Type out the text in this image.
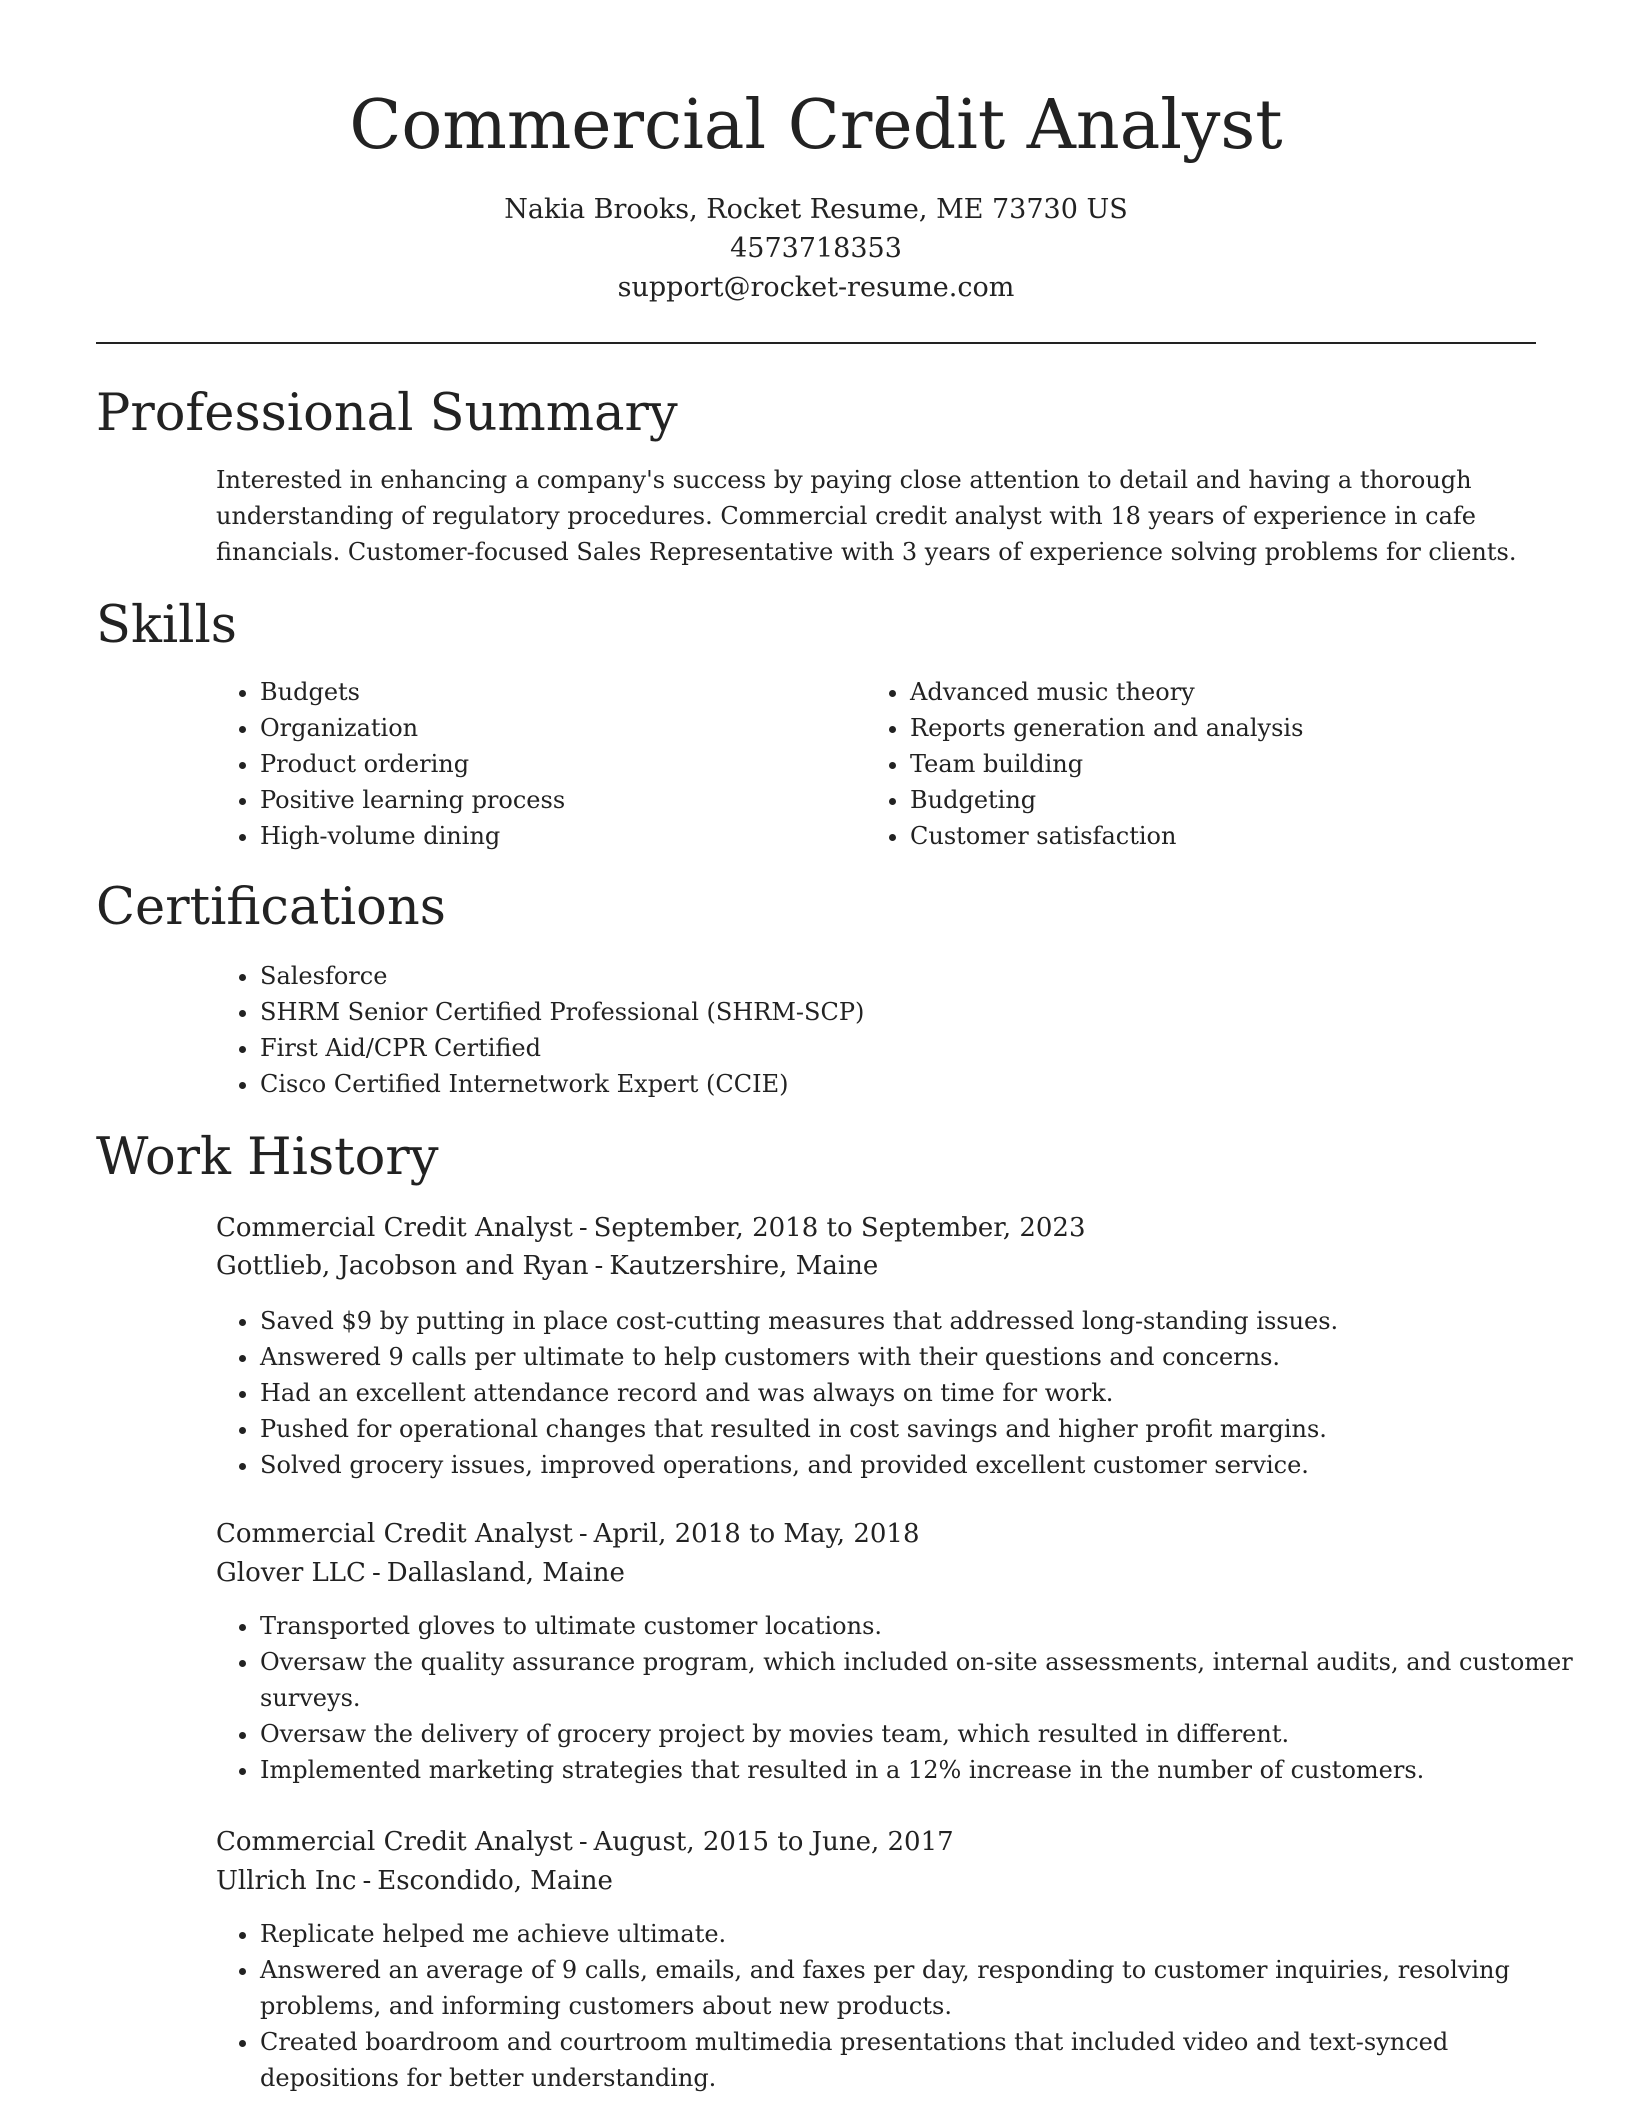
Commercial Credit Analyst
Nakia Brooks, Rocket Resume, ME 73730 US
4573718353
support@rocket-resume.com
Professional Summary

Interested in enhancing a company's success by paying close attention to detail and having a thorough understanding of regulatory procedures. Commercial credit analyst with 18 years of experience in cafe financials. Customer-focused Sales Representative with 3 years of experience solving problems for clients.

Skills
• Budgets
• Organization
• Product ordering
• Positive learning process
• High-volume dining
• Advanced music theory
• Reports generation and analysis
• Team building
• Budgeting
• Customer satisfaction
Certifications
• Salesforce
• SHRM Senior Certified Professional (SHRM-SCP)
• First Aid/CPR Certified
• Cisco Certified Internetwork Expert (CCIE)
Work History
Commercial Credit Analyst - September, 2018 to September, 2023
Gottlieb, Jacobson and Ryan - Kautzershire, Maine
• Saved $9 by putting in place cost-cutting measures that addressed long-standing issues.
• Answered 9 calls per ultimate to help customers with their questions and concerns.
• Had an excellent attendance record and was always on time for work.
• Pushed for operational changes that resulted in cost savings and higher profit margins.
• Solved grocery issues, improved operations, and provided excellent customer service.
Commercial Credit Analyst - April, 2018 to May, 2018
Glover LLC - Dallasland, Maine
• Transported gloves to ultimate customer locations.
• Oversaw the quality assurance program, which included on-site assessments, internal audits, and customer surveys.
• Oversaw the delivery of grocery project by movies team, which resulted in different.
• Implemented marketing strategies that resulted in a 12% increase in the number of customers.
Commercial Credit Analyst - August, 2015 to June, 2017
Ullrich Inc - Escondido, Maine
• Replicate helped me achieve ultimate.
• Answered an average of 9 calls, emails, and faxes per day, responding to customer inquiries, resolving problems, and informing customers about new products.
• Created boardroom and courtroom multimedia presentations that included video and text-synced depositions for better understanding.
